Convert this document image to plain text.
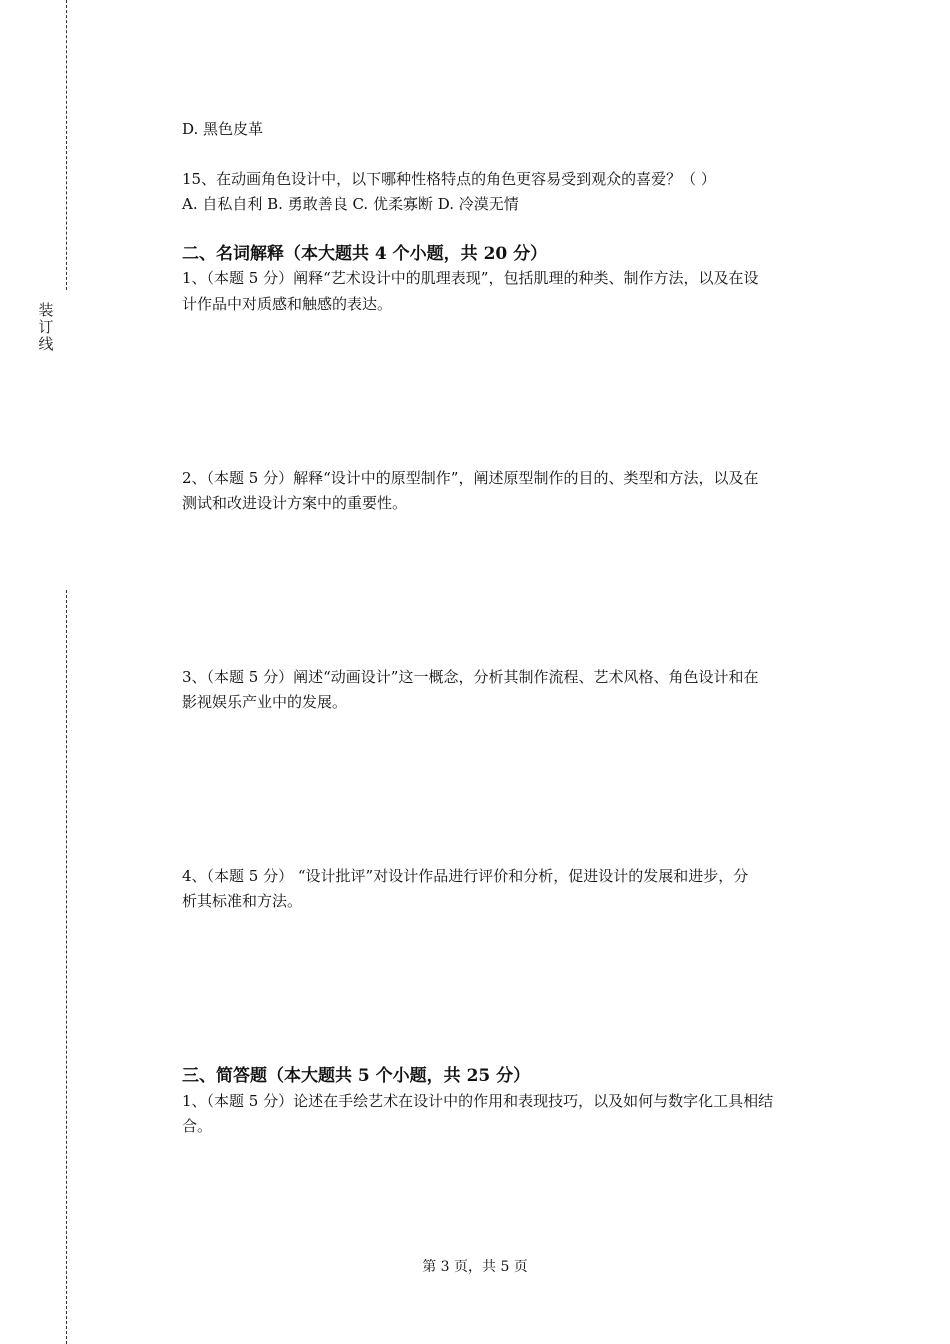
装
订
线
D. 黑色皮革
15、在动画角色设计中，以下哪种性格特点的角色更容易受到观众的喜爱？（ ）
A. 自私自利 B. 勇敢善良 C. 优柔寡断 D. 冷漠无情
二、名词解释（本大题共 4 个小题，共 20 分）
1、（本题 5 分）阐释“艺术设计中的肌理表现”，包括肌理的种类、制作方法，以及在设
计作品中对质感和触感的表达。
2、（本题 5 分）解释“设计中的原型制作”，阐述原型制作的目的、类型和方法，以及在
测试和改进设计方案中的重要性。
3、（本题 5 分）阐述“动画设计”这一概念，分析其制作流程、艺术风格、角色设计和在
影视娱乐产业中的发展。
4、（本题 5 分） “设计批评”对设计作品进行评价和分析，促进设计的发展和进步，分
析其标准和方法。
三、简答题（本大题共 5 个小题，共 25 分）
1、（本题 5 分）论述在手绘艺术在设计中的作用和表现技巧，以及如何与数字化工具相结
合。
第 3 页，共 5 页
